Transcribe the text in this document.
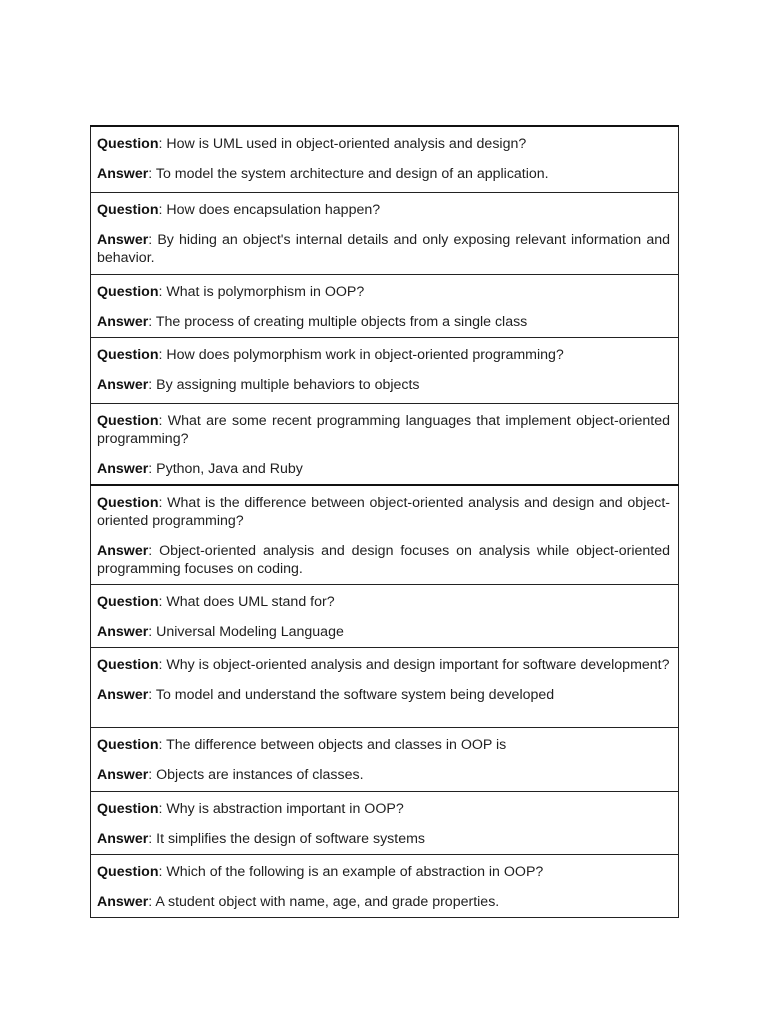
Question: How is UML used in object-oriented analysis and design?

Answer: To model the system architecture and design of an application.

Question: How does encapsulation happen?

Answer: By hiding an object's internal details and only exposing relevant information and behavior.

Question: What is polymorphism in OOP?

Answer: The process of creating multiple objects from a single class

Question: How does polymorphism work in object-oriented programming?

Answer: By assigning multiple behaviors to objects

Question: What are some recent programming languages that implement object-oriented programming?

Answer: Python, Java and Ruby

Question: What is the difference between object-oriented analysis and design and object-oriented programming?

Answer: Object-oriented analysis and design focuses on analysis while object-oriented programming focuses on coding.

Question: What does UML stand for?

Answer: Universal Modeling Language

Question: Why is object-oriented analysis and design important for software development?

Answer: To model and understand the software system being developed

Question: The difference between objects and classes in OOP is

Answer: Objects are instances of classes.

Question: Why is abstraction important in OOP?

Answer: It simplifies the design of software systems

Question: Which of the following is an example of abstraction in OOP?

Answer: A student object with name, age, and grade properties.
